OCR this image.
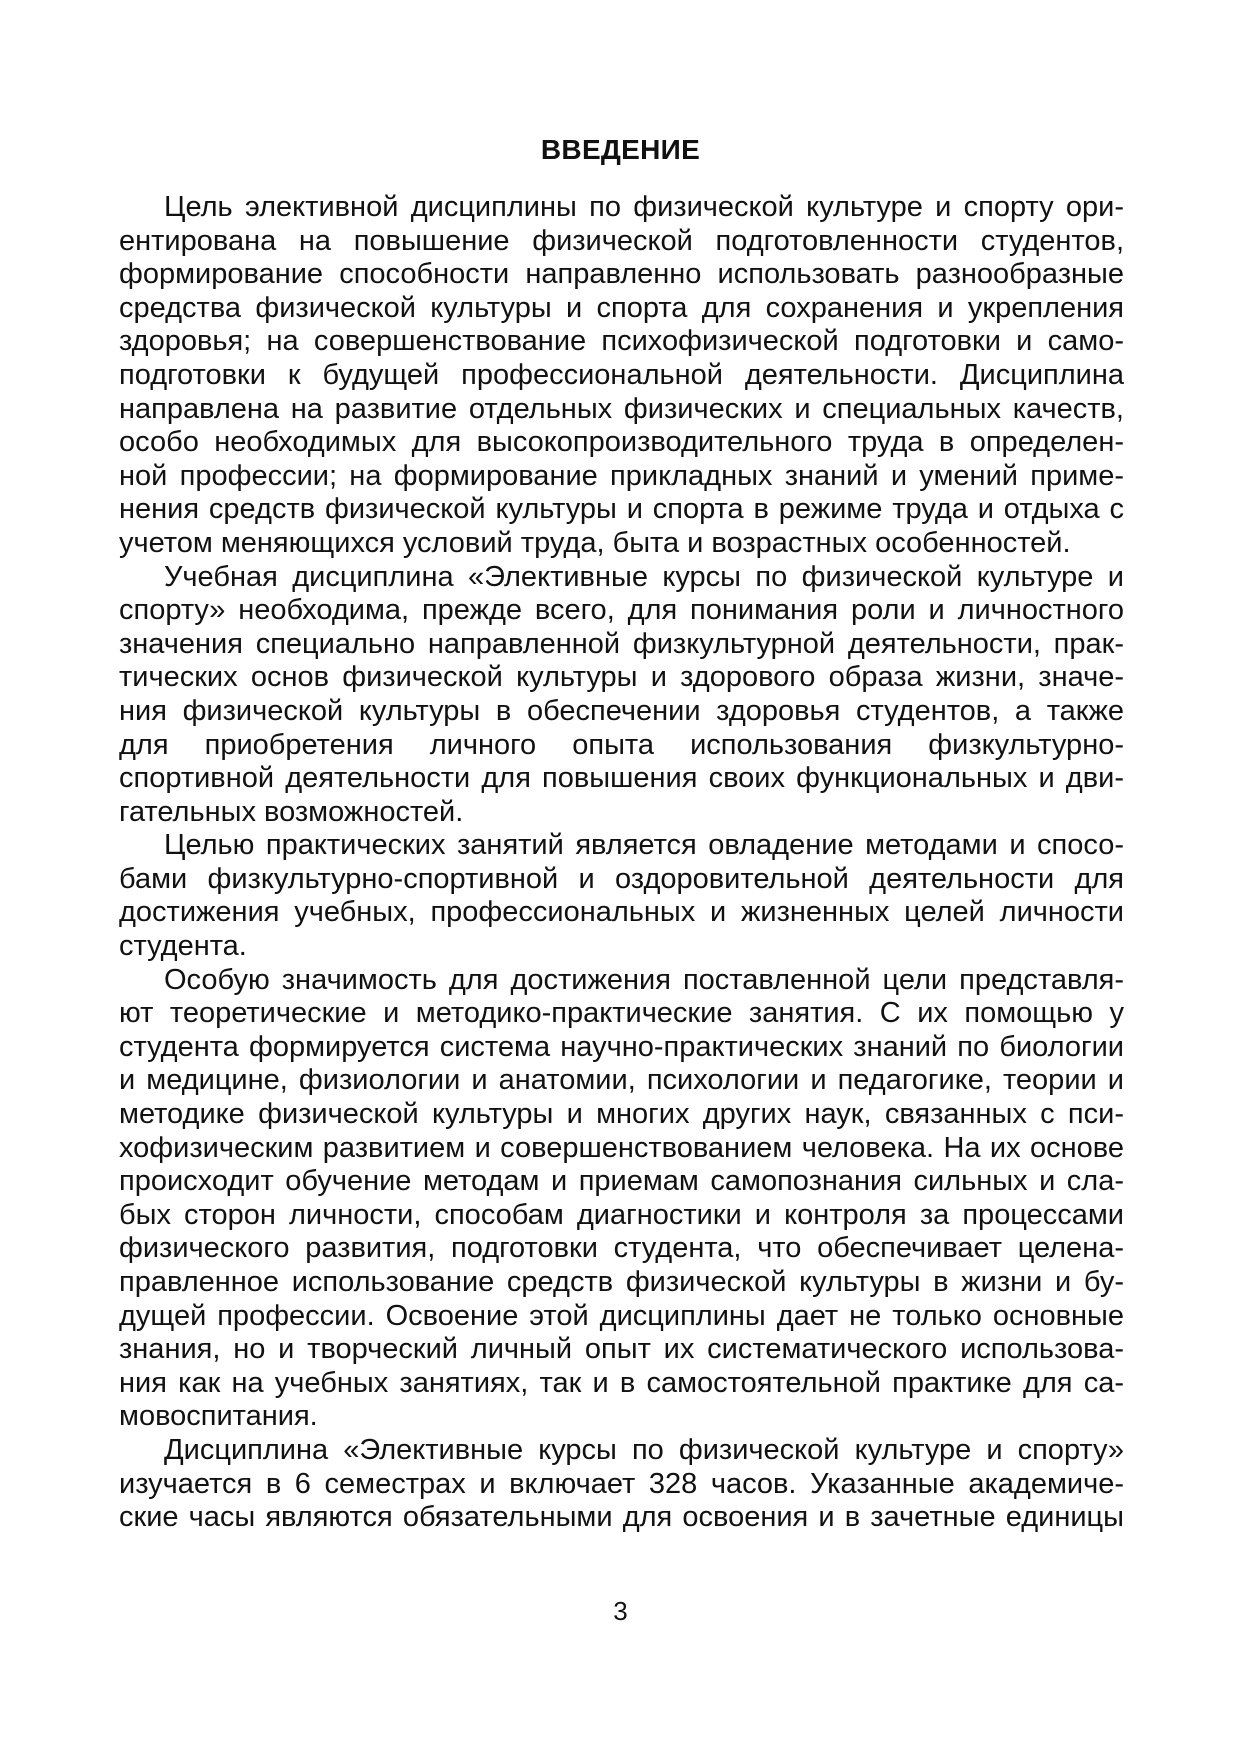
ВВЕДЕНИЕ
Цель элективной дисциплины по физической культуре и спорту ори-
ентирована на повышение физической подготовленности студентов,
формирование способности направленно использовать разнообразные
средства физической культуры и спорта для сохранения и укрепления
здоровья; на совершенствование психофизической подготовки и само-
подготовки к будущей профессиональной деятельности. Дисциплина
направлена на развитие отдельных физических и специальных качеств,
особо необходимых для высокопроизводительного труда в определен-
ной профессии; на формирование прикладных знаний и умений приме-
нения средств физической культуры и спорта в режиме труда и отдыха с
учетом меняющихся условий труда, быта и возрастных особенностей.
Учебная дисциплина «Элективные курсы по физической культуре и
спорту» необходима, прежде всего, для понимания роли и личностного
значения специально направленной физкультурной деятельности, прак-
тических основ физической культуры и здорового образа жизни, значе-
ния физической культуры в обеспечении здоровья студентов, а также
для приобретения личного опыта использования физкультурно-
спортивной деятельности для повышения своих функциональных и дви-
гательных возможностей.
Целью практических занятий является овладение методами и спосо-
бами физкультурно-спортивной и оздоровительной деятельности для
достижения учебных, профессиональных и жизненных целей личности
студента.
Особую значимость для достижения поставленной цели представля-
ют теоретические и методико-практические занятия. С их помощью у
студента формируется система научно-практических знаний по биологии
и медицине, физиологии и анатомии, психологии и педагогике, теории и
методике физической культуры и многих других наук, связанных с пси-
хофизическим развитием и совершенствованием человека. На их основе
происходит обучение методам и приемам самопознания сильных и сла-
бых сторон личности, способам диагностики и контроля за процессами
физического развития, подготовки студента, что обеспечивает целена-
правленное использование средств физической культуры в жизни и бу-
дущей профессии. Освоение этой дисциплины дает не только основные
знания, но и творческий личный опыт их систематического использова-
ния как на учебных занятиях, так и в самостоятельной практике для са-
мовоспитания.
Дисциплина «Элективные курсы по физической культуре и спорту»
изучается в 6 семестрах и включает 328 часов. Указанные академиче-
ские часы являются обязательными для освоения и в зачетные единицы
3
